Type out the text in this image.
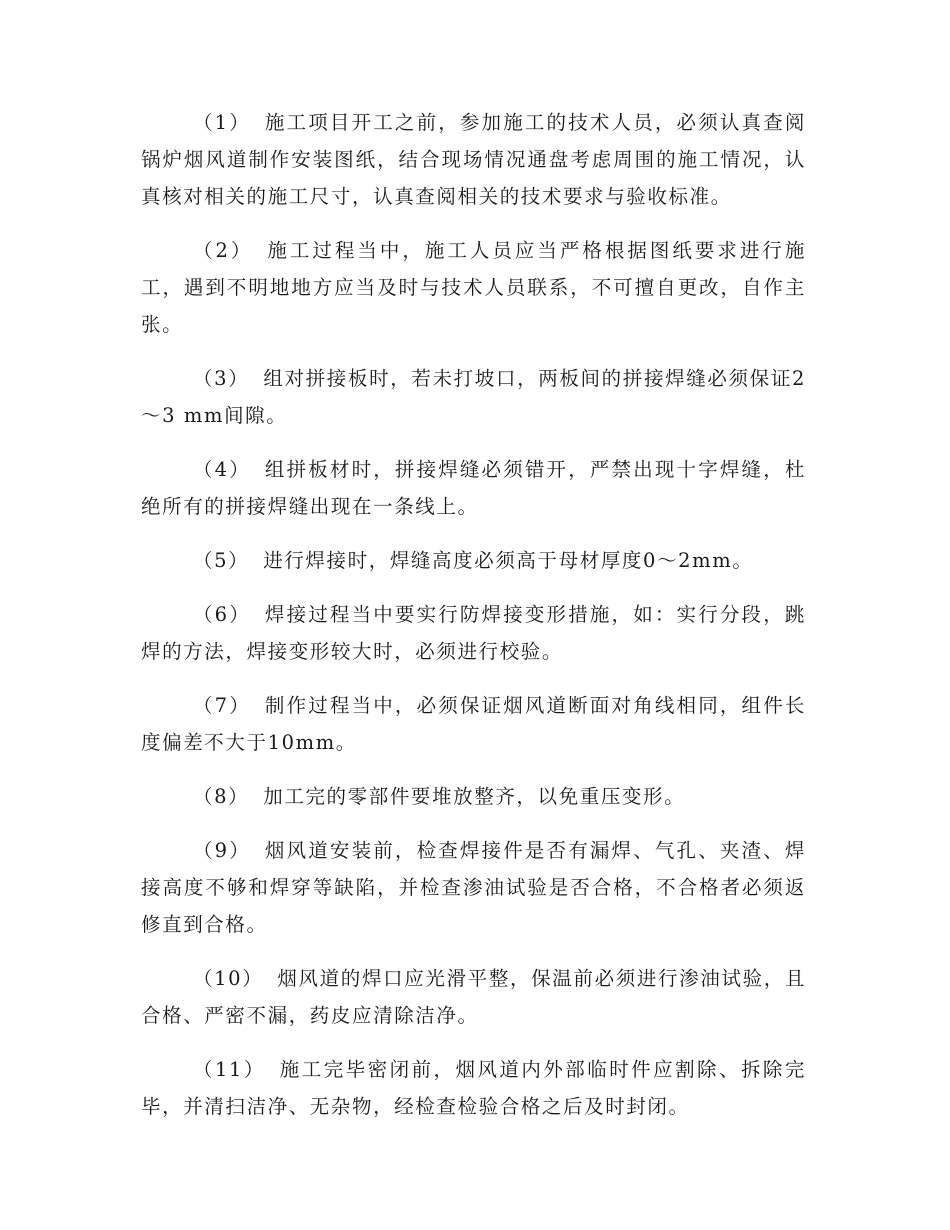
（1） 施工项目开工之前，参加施工的技术人员，必须认真查阅锅炉烟风道制作安装图纸，结合现场情况通盘考虑周围的施工情况，认真核对相关的施工尺寸，认真查阅相关的技术要求与验收标准。

（2） 施工过程当中，施工人员应当严格根据图纸要求进行施工，遇到不明地地方应当及时与技术人员联系，不可擅自更改，自作主张。

（3） 组对拼接板时，若未打坡口，两板间的拼接焊缝必须保证2～3 mm间隙。

（4） 组拼板材时，拼接焊缝必须错开，严禁出现十字焊缝，杜绝所有的拼接焊缝出现在一条线上。

（5） 进行焊接时，焊缝高度必须高于母材厚度0～2mm。

（6） 焊接过程当中要实行防焊接变形措施，如：实行分段，跳焊的方法，焊接变形较大时，必须进行校验。

（7） 制作过程当中，必须保证烟风道断面对角线相同，组件长度偏差不大于10mm。

（8） 加工完的零部件要堆放整齐，以免重压变形。

（9） 烟风道安装前，检查焊接件是否有漏焊、气孔、夹渣、焊接高度不够和焊穿等缺陷，并检查渗油试验是否合格，不合格者必须返修直到合格。

（10） 烟风道的焊口应光滑平整，保温前必须进行渗油试验，且合格、严密不漏，药皮应清除洁净。

（11） 施工完毕密闭前，烟风道内外部临时件应割除、拆除完毕，并清扫洁净、无杂物，经检查检验合格之后及时封闭。
